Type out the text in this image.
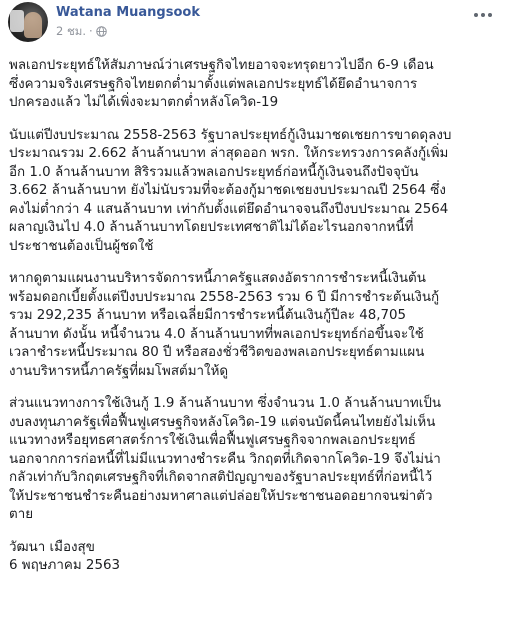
Watana Muangsook
2 ชม. ·

พลเอกประยุทธ์ให้สัมภาษณ์ว่าเศรษฐกิจไทยอาจจะทรุดยาวไปอีก 6-9 เดือน
ซึ่งความจริงเศรษฐกิจไทยตกต่ำมาตั้งแต่พลเอกประยุทธ์ได้ยึดอำนาจการ
ปกครองแล้ว ไม่ได้เพิ่งจะมาตกต่ำหลังโควิด-19

นับแต่ปีงบประมาณ 2558-2563 รัฐบาลประยุทธ์กู้เงินมาชดเชยการขาดดุลงบ
ประมาณรวม 2.662 ล้านล้านบาท ล่าสุดออก พรก. ให้กระทรวงการคลังกู้เพิ่ม
อีก 1.0 ล้านล้านบาท สิริรวมแล้วพลเอกประยุทธ์ก่อหนี้กู้เงินจนถึงปัจจุบัน
3.662 ล้านล้านบาท ยังไม่นับรวมที่จะต้องกู้มาชดเชยงบประมาณปี 2564 ซึ่ง
คงไม่ต่ำกว่า 4 แสนล้านบาท เท่ากับตั้งแต่ยึดอำนาจจนถึงปีงบประมาณ 2564
ผลาญเงินไป 4.0 ล้านล้านบาทโดยประเทศชาติไม่ได้อะไรนอกจากหนี้ที่
ประชาชนต้องเป็นผู้ชดใช้

หากดูตามแผนงานบริหารจัดการหนี้ภาครัฐแสดงอัตราการชำระหนี้เงินต้น
พร้อมดอกเบี้ยตั้งแต่ปีงบประมาณ 2558-2563 รวม 6 ปี มีการชำระต้นเงินกู้
รวม 292,235 ล้านบาท หรือเฉลี่ยมีการชำระหนี้ต้นเงินกู้ปีละ 48,705
ล้านบาท ดังนั้น หนี้จำนวน 4.0 ล้านล้านบาทที่พลเอกประยุทธ์ก่อขึ้นจะใช้
เวลาชำระหนี้ประมาณ 80 ปี หรือสองชั่วชีวิตของพลเอกประยุทธ์ตามแผน
งานบริหารหนี้ภาครัฐที่ผมโพสต์มาให้ดู

ส่วนแนวทางการใช้เงินกู้ 1.9 ล้านล้านบาท ซึ่งจำนวน 1.0 ล้านล้านบาทเป็น
งบลงทุนภาครัฐเพื่อฟื้นฟูเศรษฐกิจหลังโควิด-19 แต่จนบัดนี้คนไทยยังไม่เห็น
แนวทางหรือยุทธศาสตร์การใช้เงินเพื่อฟื้นฟูเศรษฐกิจจากพลเอกประยุทธ์
นอกจากการก่อหนี้ที่ไม่มีแนวทางชำระคืน วิกฤตที่เกิดจากโควิด-19 จึงไม่น่า
กลัวเท่ากับวิกฤตเศรษฐกิจที่เกิดจากสติปัญญาของรัฐบาลประยุทธ์ที่ก่อหนี้ไว้
ให้ประชาชนชำระคืนอย่างมหาศาลแต่ปล่อยให้ประชาชนอดอยากจนฆ่าตัว
ตาย

วัฒนา เมืองสุข

6 พฤษภาคม 2563
